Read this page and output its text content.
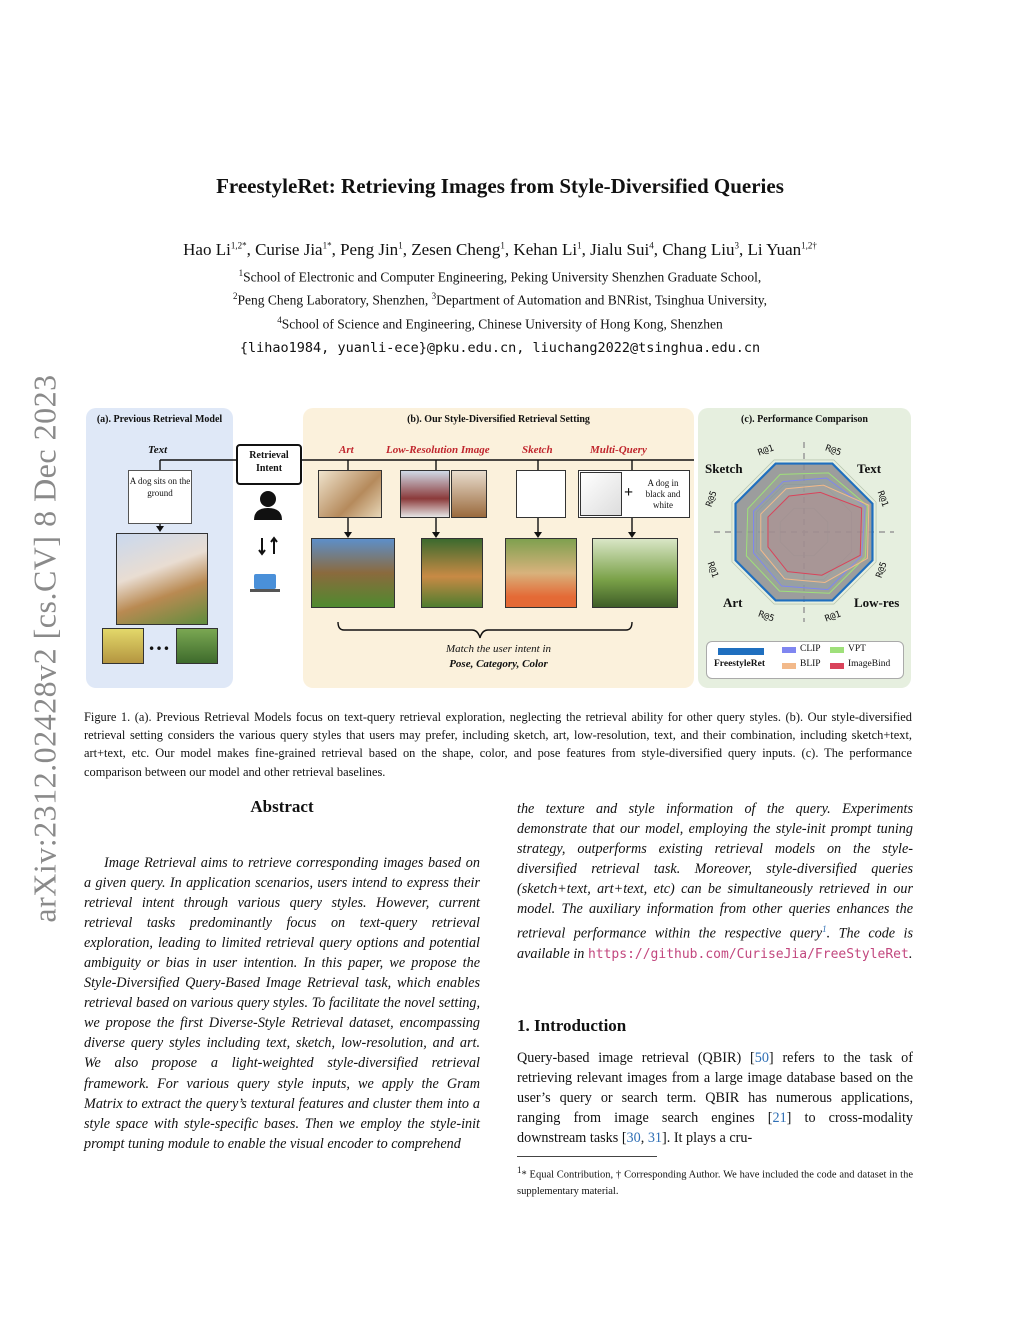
arXiv:2312.02428v2 [cs.CV] 8 Dec 2023
FreestyleRet: Retrieving Images from Style-Diversified Queries
Hao $Li^{1,2*}$, Curise Jia$^{1*}$, Peng Jin$^1$, Zesen Cheng$^1$, Kehan Li$^1$, Jialu Sui$^4$, Chang Liu$^3$, Li Yuan$^{1,2\dagger}$
$^1$School of Electronic and Computer Engineering, Peking University Shenzhen Graduate School,
$^2$Peng Cheng Laboratory, Shenzhen, $^3$Department of Automation and BNRist, Tsinghua University,
$^4$School of Science and Engineering, Chinese University of Hong Kong, Shenzhen
{lihao1984, yuanli-ece}@pku.edu.cn, liuchang2022@tsinghua.edu.cn
(a). Previous Retrieval Model	(b). Our Style-Diversified Retrieval Setting	(c). Performance Comparison
Text
A dog sits on the ground
…
Retrieval Intent
Art	Low-Resolution Image	Sketch	Multi-Query
+
A dog in black and white
Match the user intent in
Pose, Category, Color
Sketch	Text
Low-res
Art
R@1	R@5
R@1
R@5
R@1
R@5
R@1
R@5
FreestyleRet
CLIP	VPT
BLIP	ImageBind
Figure 1. (a). Previous Retrieval Models focus on text-query retrieval exploration, neglecting the retrieval ability for other query styles. (b). Our style-diversified retrieval setting considers the various query styles that users may prefer, including sketch, art, low-resolution, text, and their combination, including sketch+text, art+text, etc. Our model makes fine-grained retrieval based on the shape, color, and pose features from style-diversified query inputs. (c). The performance comparison between our model and other retrieval baselines.
Abstract
Image Retrieval aims to retrieve corresponding images based on a given query. In application scenarios, users intend to express their retrieval intent through various query styles. However, current retrieval tasks predominantly focus on text-query retrieval exploration, leading to limited retrieval query options and potential ambiguity or bias in user intention. In this paper, we propose the Style-Diversified Query-Based Image Retrieval task, which enables retrieval based on various query styles. To facilitate the novel setting, we propose the first Diverse-Style Retrieval dataset, encompassing diverse query styles including text, sketch, low-resolution, and art. We also propose a light-weighted style-diversified retrieval framework. For various query style inputs, we apply the Gram Matrix to extract the query’s textural features and cluster them into a style space with style-specific bases. Then we employ the style-init prompt tuning module to enable the visual encoder to comprehend
the texture and style information of the query. Experiments demonstrate that our model, employing the style-init prompt tuning strategy, outperforms existing retrieval models on the style-diversified retrieval task. Moreover, style-diversified queries (sketch+text, art+text, etc) can be simultaneously retrieved in our model. The auxiliary information from other queries enhances the retrieval performance within the respective query$^1$. The code is available in https://github.com/CuriseJia/FreeStyleRet.
1. Introduction
Query-based image retrieval (QBIR) [50] refers to the task of retrieving relevant images from a large image database based on the user’s query or search term. QBIR has numerous applications, ranging from image search engines [21] to cross-modality downstream tasks [30, 31]. It plays a cru-
$^1$* Equal Contribution, † Corresponding Author. We have included the code and dataset in the supplementary material.
